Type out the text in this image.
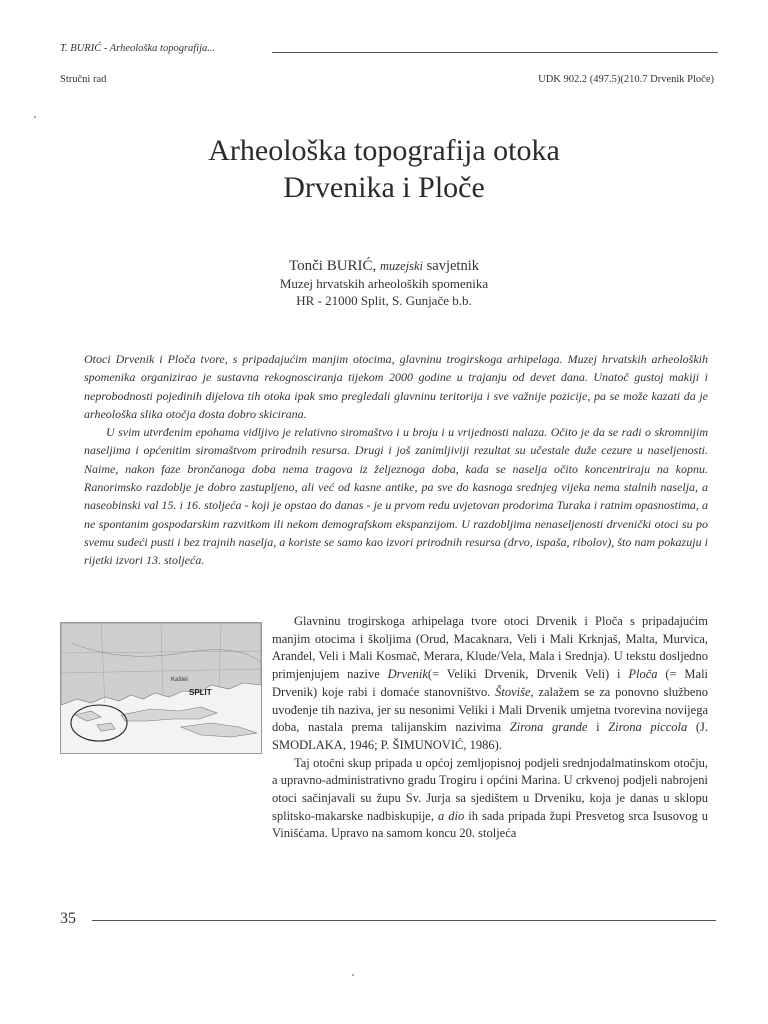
T. BURIĆ - Arheološka topografija...
Stručni rad	UDK 902.2 (497.5)(210.7 Drvenik Ploče)
Arheološka topografija otoka
Drvenika i Ploče
Tonči BURIĆ, muzejski savjetnik
Muzej hrvatskih arheoloških spomenika
HR - 21000 Split, S. Gunjače b.b.

Otoci Drvenik i Ploča tvore, s pripadajućim manjim otocima, glavninu trogirskoga arhipelaga. Muzej hrvatskih arheoloških spomenika organizirao je sustavna rekognosciranja tijekom 2000 godine u trajanju od devet dana. Unatoč gustoj makiji i neprobodnosti pojedinih dijelova tih otoka ipak smo pregledali glavninu teritorija i sve važnije pozicije, pa se može kazati da je arheološka slika otočja dosta dobro skicirana.

U svim utvrđenim epohama vidljivo je relativno siromaštvo i u broju i u vrijednosti nalaza. Očito je da se radi o skromnijim naseljima i općenitim siromaštvom prirodnih resursa. Drugi i još zanimljiviji rezultat su učestale duže cezure u naseljenosti. Naime, nakon faze brončanoga doba nema tragova iz željeznoga doba, kada se naselja očito koncentriraju na kopnu. Ranorimsko razdoblje je dobro zastupljeno, ali već od kasne antike, pa sve do kasnoga srednjeg vijeka nema stalnih naselja, a naseobinski val 15. i 16. stoljeća - koji je opstao do danas - je u prvom redu uvjetovan prodorima Turaka i ratnim opasnostima, a ne spontanim gospodarskim razvitkom ili nekom demografskom ekspanzijom. U razdobljima nenaseljenosti drvenički otoci su po svemu sudeći pusti i bez trajnih naselja, a koriste se samo kao izvori prirodnih resursa (drvo, ispaša, ribolov), što nam pokazuju i rijetki izvori 13. stoljeća.

Kaštel
SPLIT

Glavninu trogirskoga arhipelaga tvore otoci Drvenik i Ploča s pripadajućim manjim otocima i školjima (Orud, Macaknara, Veli i Mali Krknjaš, Malta, Murvica, Aranđel, Veli i Mali Kosmač, Merara, Klude/Vela, Mala i Srednja). U tekstu dosljedno primjenjujem nazive Drvenik(= Veliki Drvenik, Drvenik Veli) i Ploča (= Mali Drvenik) koje rabi i domaće stanovništvo. Štoviše, zalažem se za ponovno službeno uvođenje tih naziva, jer su nesonimi Veliki i Mali Drvenik umjetna tvorevina novijega doba, nastala prema talijanskim nazivima Zirona grande i Zirona piccola (J. SMODLAKA, 1946; P. ŠIMUNOVIĆ, 1986).

Taj otočni skup pripada u općoj zemljopisnoj podjeli srednjodalmatinskom otočju, a upravno-administrativno gradu Trogiru i općini Marina. U crkvenoj podjeli nabrojeni otoci sačinjavali su župu Sv. Jurja sa sjedištem u Drveniku, koja je danas u sklopu splitsko-makarske nadbiskupije, a dio ih sada pripada župi Presvetog srca Isusovog u Vinišćama. Upravo na samom koncu 20. stoljeća

35
